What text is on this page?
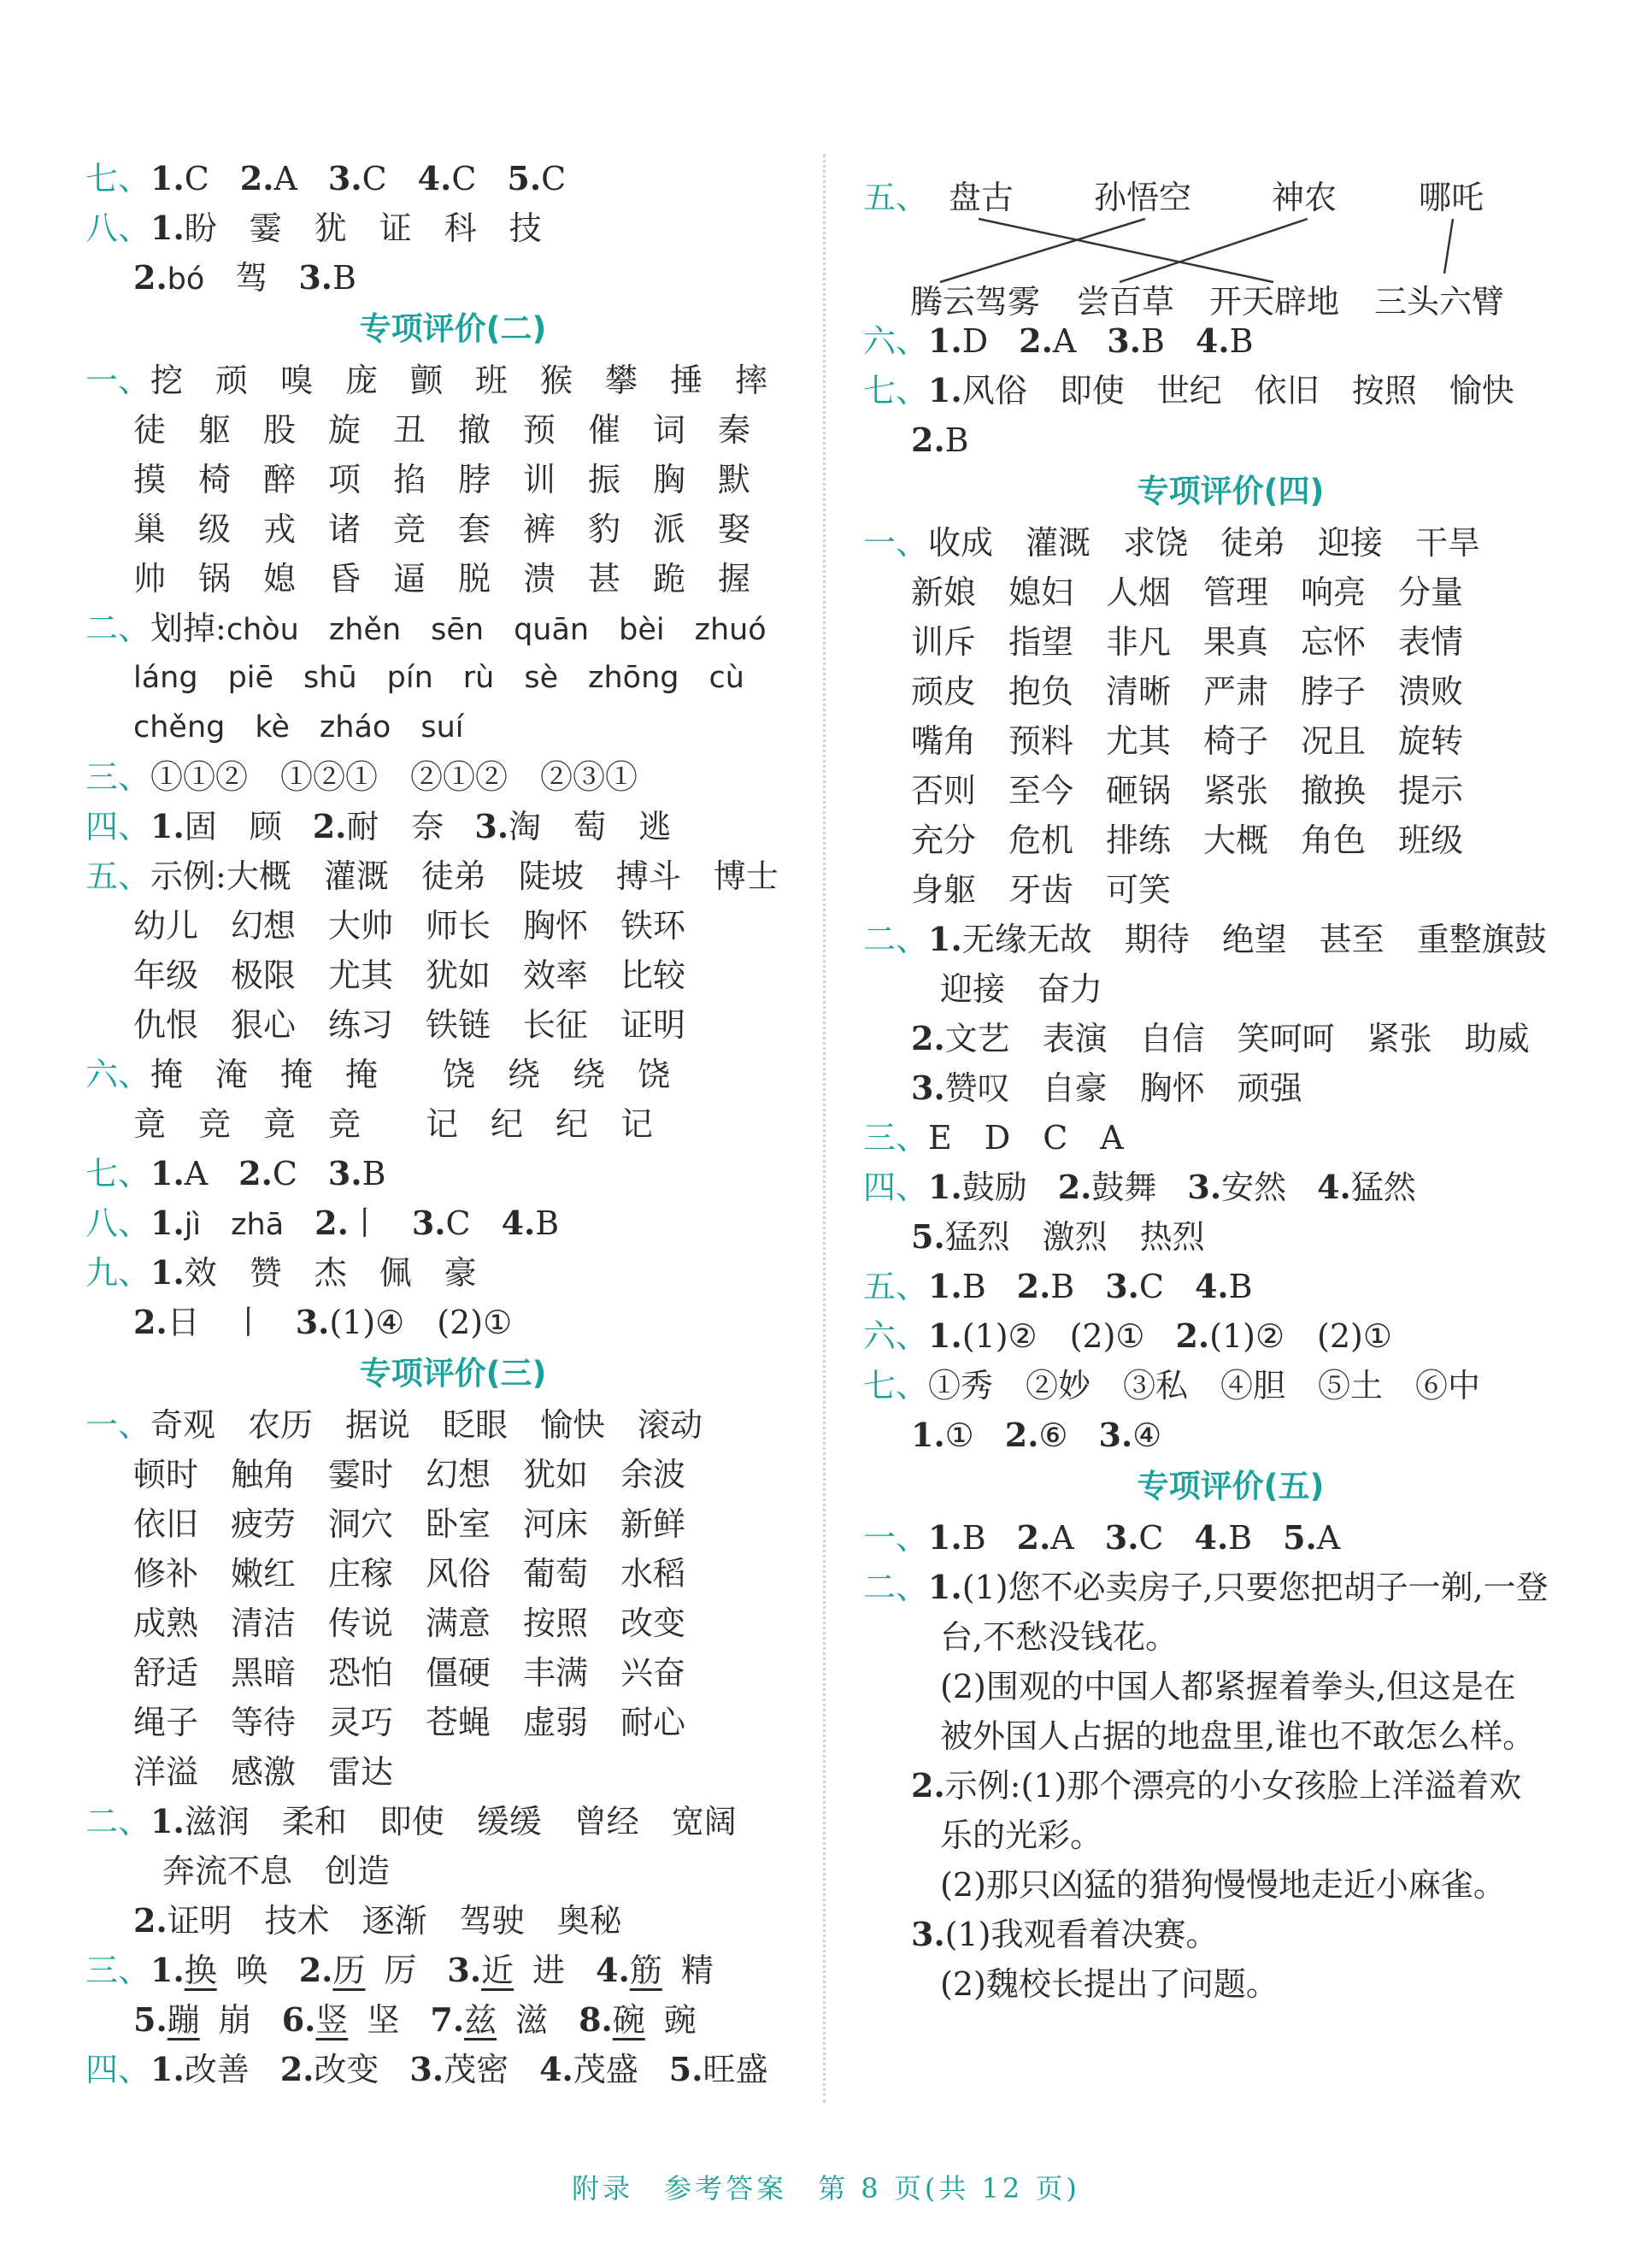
七、1.C 2.A 3.C 4.C 5.C
八、1.盼　霎　犹　证　科　技
2.bó 驾 3.B
专项评价(二)
一、挖　顽　嗅　庞　颤　班　猴　攀　捶　摔
徒　躯　股　旋　丑　撤　预　催　词　秦
摸　椅　醉　项　掐　脖　训　振　胸　默
巢　级　戎　诸　竞　套　裤　豹　派　娶
帅　锅　媳　昏　逼　脱　溃　甚　跪　握
二、划掉:chòu　zhěn　sēn　quān　bèi　zhuó
láng　piē　shū　pín　rù　sè　zhōng　cù
chěng　kè　zháo　suí
三、①①②　①②①　②①②　②③①
四、1.固　顾 2.耐　奈 3.淘　萄　逃
五、示例:大概　灌溉　徒弟　陡坡　搏斗　博士
幼儿　幻想　大帅　师长　胸怀　铁环
年级　极限　尤其　犹如　效率　比较
仇恨　狠心　练习　铁链　长征　证明
六、掩　淹　掩　掩　　饶　绕　绕　饶
竟　竞　竟　竞　　记　纪　纪　记
七、1.A 2.C 3.B
八、1.jì　zhā 2.丨 3.C 4.B
九、1.效　赞　杰　佩　豪
2.日　丨 3.(1)④　(2)①
专项评价(三)
一、奇观　农历　据说　眨眼　愉快　滚动
顿时　触角　霎时　幻想　犹如　余波
依旧　疲劳　洞穴　卧室　河床　新鲜
修补　嫩红　庄稼　风俗　葡萄　水稻
成熟　清洁　传说　满意　按照　改变
舒适　黑暗　恐怕　僵硬　丰满　兴奋
绳子　等待　灵巧　苍蝇　虚弱　耐心
洋溢　感激　雷达
二、1.滋润　柔和　即使　缓缓　曾经　宽阔
奔流不息　创造
2.证明　技术　逐渐　驾驶　奥秘
三、1.换 唤 2.历 厉 3.近 进 4.筋 精
5.蹦 崩 6.竖 坚 7.兹 滋 8.碗 豌
四、1.改善 2.改变 3.茂密 4.茂盛 5.旺盛
五、 盘古 孙悟空 神农	哪吒
腾云驾雾 尝百草 开天辟地 三头六臂
六、1.D 2.A 3.B 4.B
七、1.风俗　即使　世纪　依旧　按照　愉快
2.B
专项评价(四)
一、收成　灌溉　求饶　徒弟　迎接　干旱
新娘　媳妇　人烟　管理　响亮　分量
训斥　指望　非凡　果真　忘怀　表情
顽皮　抱负　清晰　严肃　脖子　溃败
嘴角　预料　尤其　椅子　况且　旋转
否则　至今　砸锅　紧张　撤换　提示
充分　危机　排练　大概　角色　班级
身躯　牙齿　可笑
二、1.无缘无故　期待　绝望　甚至　重整旗鼓
迎接　奋力
2.文艺　表演　自信　笑呵呵　紧张　助威
3.赞叹　自豪　胸怀　顽强
三、E　D　C　A
四、1.鼓励 2.鼓舞 3.安然 4.猛然
5.猛烈　激烈　热烈
五、1.B 2.B 3.C 4.B
六、1.(1)②　(2)① 2.(1)②　(2)①
七、①秀　②妙　③私　④胆　⑤土　⑥中
1.① 2.⑥ 3.④
专项评价(五)
一、1.B 2.A 3.C 4.B 5.A
二、1.(1)您不必卖房子,只要您把胡子一剃,一登
台,不愁没钱花。
(2)围观的中国人都紧握着拳头,但这是在
被外国人占据的地盘里,谁也不敢怎么样。
2.示例:(1)那个漂亮的小女孩脸上洋溢着欢
乐的光彩。
(2)那只凶猛的猎狗慢慢地走近小麻雀。
3.(1)我观看着决赛。
(2)魏校长提出了问题。
附录　参考答案　第 8 页(共 12 页)
